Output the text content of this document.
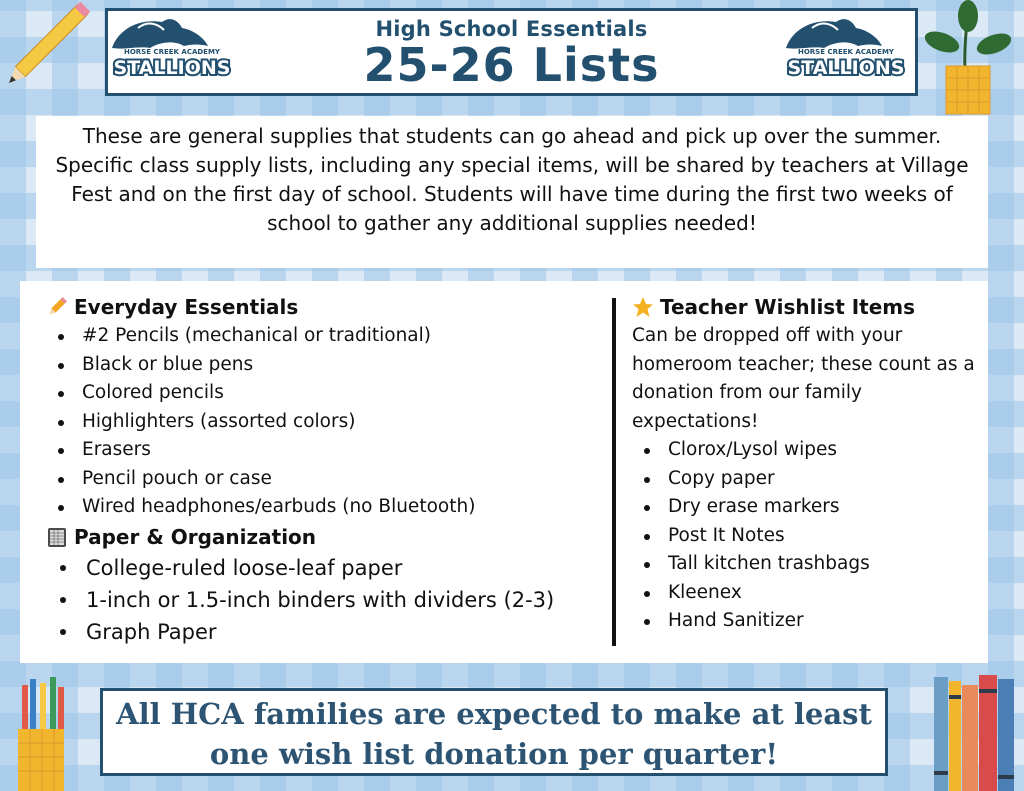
High School Essentials
25-26 Lists
HORSE CREEK ACADEMY
STALLIONS
HORSE CREEK ACADEMY
STALLIONS
These are general supplies that students can go ahead and pick up over the summer. Specific class supply lists, including any special items, will be shared by teachers at Village Fest and on the first day of school. Students will have time during the first two weeks of school to gather any additional supplies needed!
Everyday Essentials
#2 Pencils (mechanical or traditional)
Black or blue pens
Colored pencils
Highlighters (assorted colors)
Erasers
Pencil pouch or case
Wired headphones/earbuds (no Bluetooth)
Paper & Organization
College-ruled loose-leaf paper
1-inch or 1.5-inch binders with dividers (2-3)
Graph Paper
Teacher Wishlist Items
Can be dropped off with your homeroom teacher; these count as a donation from our family expectations!
Clorox/Lysol wipes
Copy paper
Dry erase markers
Post It Notes
Tall kitchen trashbags
Kleenex
Hand Sanitizer
All HCA families are expected to make at least
one wish list donation per quarter!
